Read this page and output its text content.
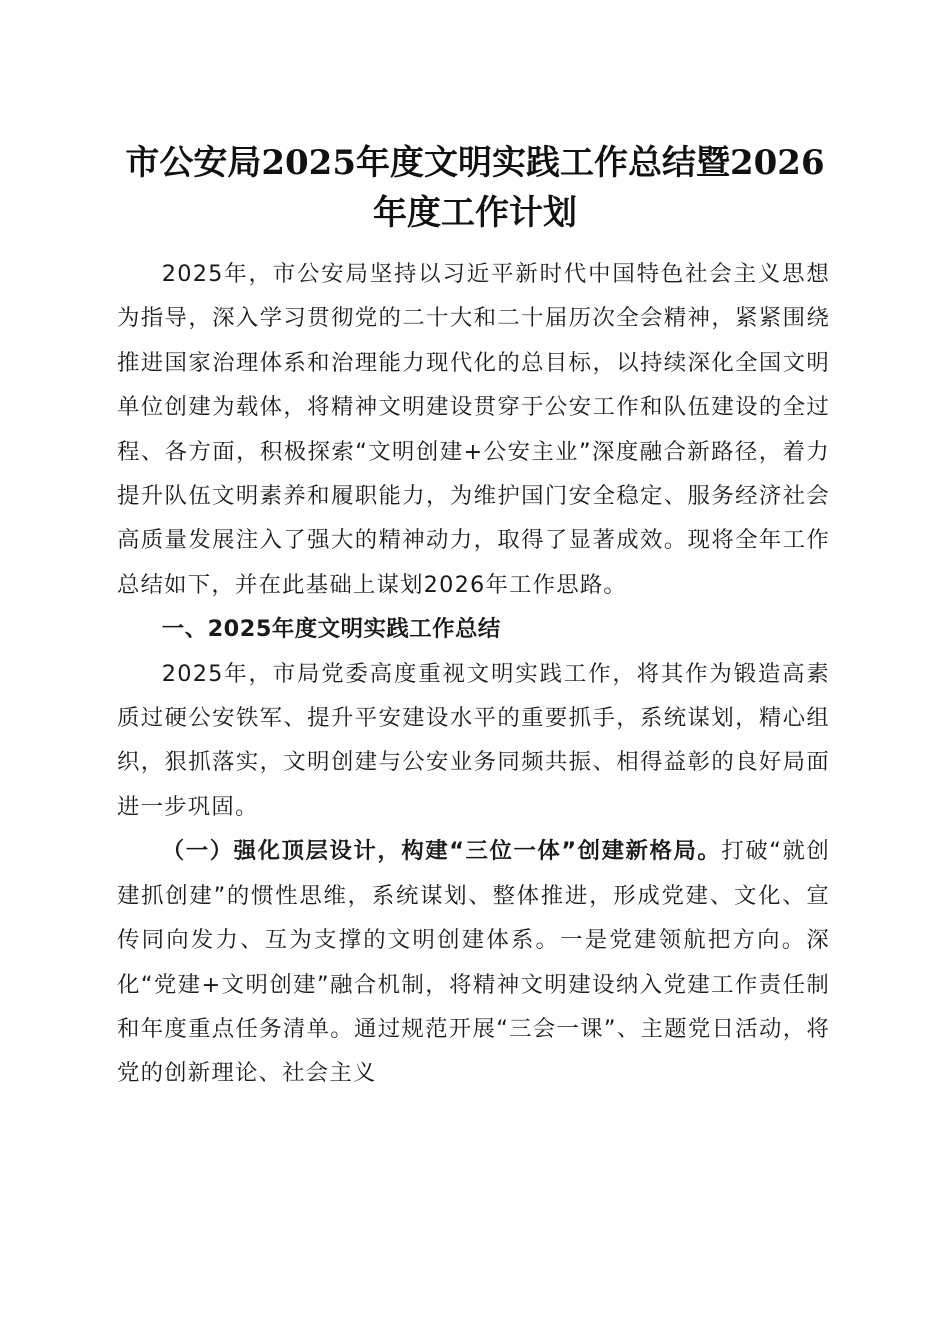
市公安局2025年度文明实践工作总结暨2026年度工作计划

2025年，市公安局坚持以习近平新时代中国特色社会主义思想为指导，深入学习贯彻党的二十大和二十届历次全会精神，紧紧围绕推进国家治理体系和治理能力现代化的总目标，以持续深化全国文明单位创建为载体，将精神文明建设贯穿于公安工作和队伍建设的全过程、各方面，积极探索“文明创建+公安主业”深度融合新路径，着力提升队伍文明素养和履职能力，为维护国门安全稳定、服务经济社会高质量发展注入了强大的精神动力，取得了显著成效。现将全年工作总结如下，并在此基础上谋划2026年工作思路。

一、2025年度文明实践工作总结

2025年，市局党委高度重视文明实践工作，将其作为锻造高素质过硬公安铁军、提升平安建设水平的重要抓手，系统谋划，精心组织，狠抓落实，文明创建与公安业务同频共振、相得益彰的良好局面进一步巩固。

（一）强化顶层设计，构建“三位一体”创建新格局。打破“就创建抓创建”的惯性思维，系统谋划、整体推进，形成党建、文化、宣传同向发力、互为支撑的文明创建体系。一是党建领航把方向。深化“党建+文明创建”融合机制，将精神文明建设纳入党建工作责任制和年度重点任务清单。通过规范开展“三会一课”、主题党日活动，将党的创新理论、社会主义
